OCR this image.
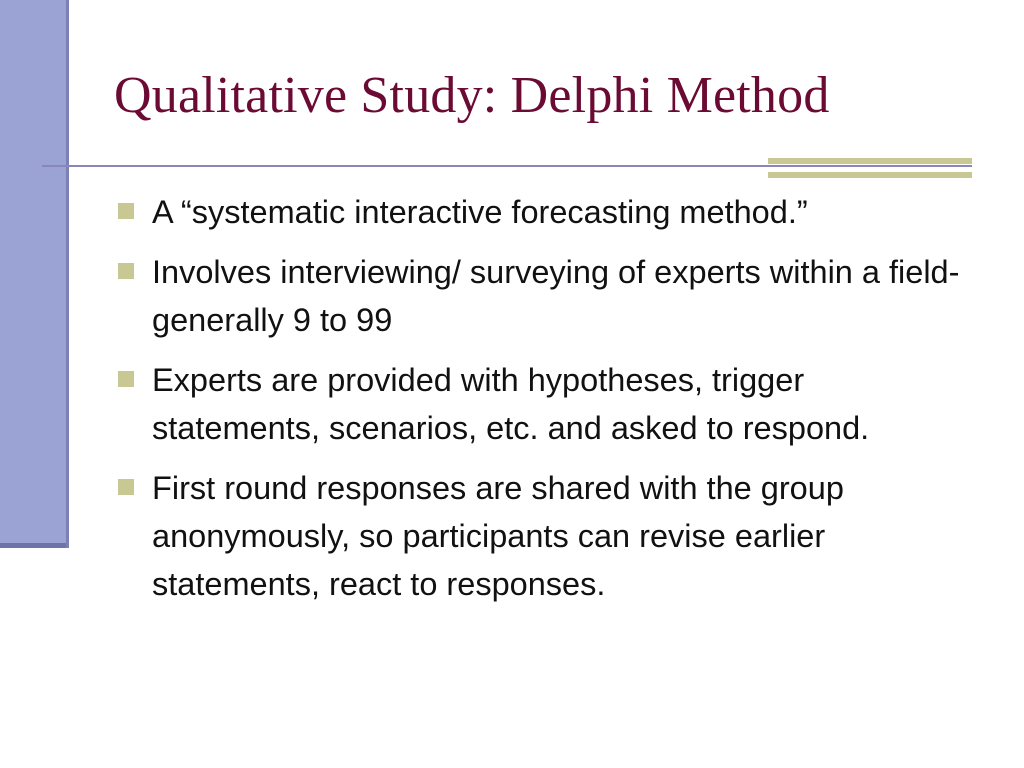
Qualitative Study: Delphi Method
A “systematic interactive forecasting method.”
Involves interviewing/ surveying of experts within a field- generally 9 to 99
Experts are provided with hypotheses, trigger statements, scenarios, etc. and asked to respond.
First round responses are shared with the group anonymously, so participants can revise earlier statements, react to responses.
